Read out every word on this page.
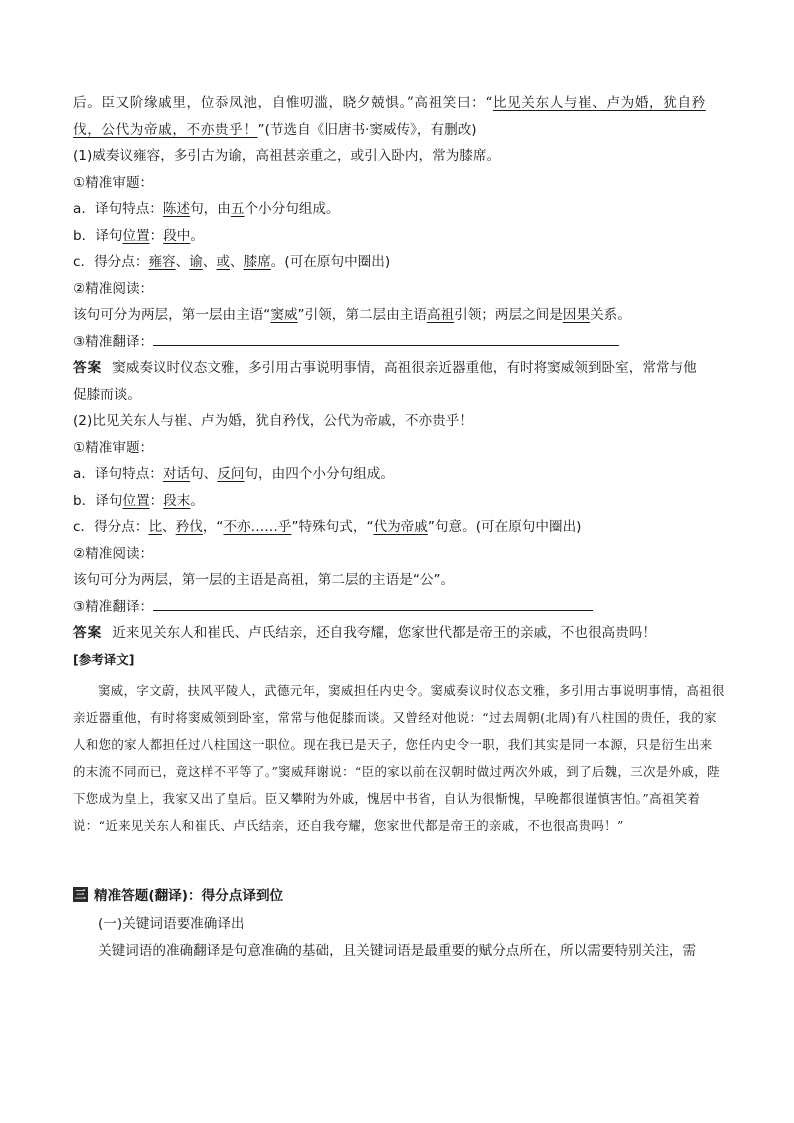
后。臣又阶缘戚里，位忝凤池，自惟叨滥，晓夕兢惧。”高祖笑曰：“比见关东人与崔、卢为婚，犹自矜
伐，公代为帝戚，不亦贵乎！”(节选自《旧唐书·窦威传》，有删改)
(1)威奏议雍容，多引古为谕，高祖甚亲重之，或引入卧内，常为膝席。
①精准审题：
a．译句特点：陈述句，由五个小分句组成。
b．译句位置：段中。
c．得分点：雍容、谕、或、膝席。(可在原句中圈出)
②精准阅读：
该句可分为两层，第一层由主语“窦威”引领，第二层由主语高祖引领；两层之间是因果关系。
③精准翻译：
答案 窦威奏议时仪态文雅，多引用古事说明事情，高祖很亲近器重他，有时将窦威领到卧室，常常与他
促膝而谈。
(2)比见关东人与崔、卢为婚，犹自矜伐，公代为帝戚，不亦贵乎！
①精准审题：
a．译句特点：对话句、反问句，由四个小分句组成。
b．译句位置：段末。
c．得分点：比、矜伐，“不亦……乎”特殊句式，“代为帝戚”句意。(可在原句中圈出)
②精准阅读：
该句可分为两层，第一层的主语是高祖，第二层的主语是“公”。
③精准翻译：
答案 近来见关东人和崔氏、卢氏结亲，还自我夸耀，您家世代都是帝王的亲戚，不也很高贵吗！
[参考译文]
窦威，字文蔚，扶风平陵人，武德元年，窦威担任内史令。窦威奏议时仪态文雅，多引用古事说明事情，高祖很亲近器重他，有时将窦威领到卧室，常常与他促膝而谈。又曾经对他说：“过去周朝(北周)有八柱国的贵任，我的家人和您的家人都担任过八柱国这一职位。现在我已是天子，您任内史令一职，我们其实是同一本源，只是衍生出来的末流不同而已，竟这样不平等了。”窦威拜谢说：“臣的家以前在汉朝时做过两次外戚，到了后魏，三次是外戚，陛下您成为皇上，我家又出了皇后。臣又攀附为外戚，愧居中书省，自认为很惭愧，早晚都很谨慎害怕。”高祖笑着说：“近来见关东人和崔氏、卢氏结亲，还自我夸耀，您家世代都是帝王的亲戚，不也很高贵吗！”
三 精准答题(翻译)：得分点译到位
(一)关键词语要准确译出
关键词语的准确翻译是句意准确的基础，且关键词语是最重要的赋分点所在，所以需要特别关注，需
